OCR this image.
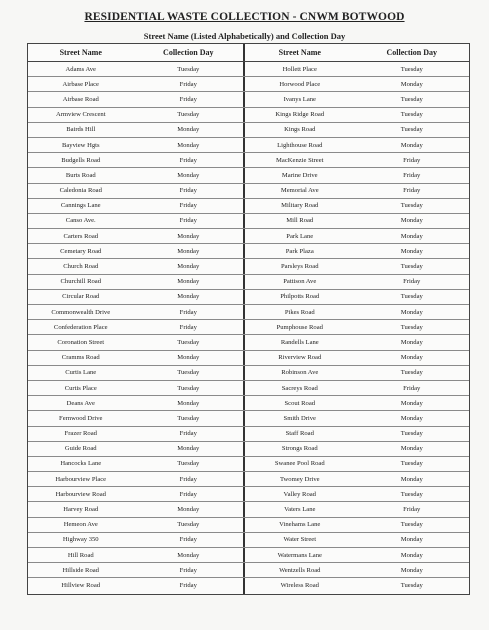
RESIDENTIAL WASTE COLLECTION - CNWM BOTWOOD
Street Name (Listed Alphabetically) and Collection Day
Street Name	Collection Day	Street Name	Collection Day
Adams Ave	Tuesday	Hollett Place	Tuesday
Airbase Place	Friday	Horwood Place	Monday
Airbase Road	Friday	Ivanys Lane	Tuesday
Armview Crescent	Tuesday	Kings Ridge Road	Tuesday
Bairds Hill	Monday	Kings Road	Tuesday
Bayview Hgts	Monday	Lighthouse Road	Monday
Budgells Road	Friday	MacKenzie Street	Friday
Burts Road	Monday	Marine Drive	Friday
Caledonia Road	Friday	Memorial Ave	Friday
Cannings Lane	Friday	Military Road	Tuesday
Canso Ave.	Friday	Mill Road	Monday
Carters Road	Monday	Park Lane	Monday
Cemetary Road	Monday	Park Plaza	Monday
Church Road	Monday	Parsleys Road	Tuesday
Churchill Road	Monday	Pattison Ave	Friday
Circular Road	Monday	Philpotts Road	Tuesday
Commonwealth Drive	Friday	Pikes Road	Monday
Confederation Place	Friday	Pumphouse Road	Tuesday
Coronation Street	Tuesday	Randells Lane	Monday
Cramms Road	Monday	Riverview Road	Monday
Curtis Lane	Tuesday	Robinson Ave	Tuesday
Curtis Place	Tuesday	Sacreys Road	Friday
Deans Ave	Monday	Scout Road	Monday
Fernwood Drive	Tuesday	Smith Drive	Monday
Frazer Road	Friday	Staff Road	Tuesday
Guide Road	Monday	Strongs Road	Monday
Hancocks Lane	Tuesday	Swanee Pool Road	Tuesday
Harbourview Place	Friday	Twomey Drive	Monday
Harbourview Road	Friday	Valley Road	Tuesday
Harvey Road	Monday	Vaters Lane	Friday
Hemeon Ave	Tuesday	Vinehams Lane	Tuesday
Highway 350	Friday	Water Street	Monday
Hill Road	Monday	Watermans Lane	Monday
Hillside Road	Friday	Wentzells Road	Monday
Hillview Road	Friday	Wireless Road	Tuesday
